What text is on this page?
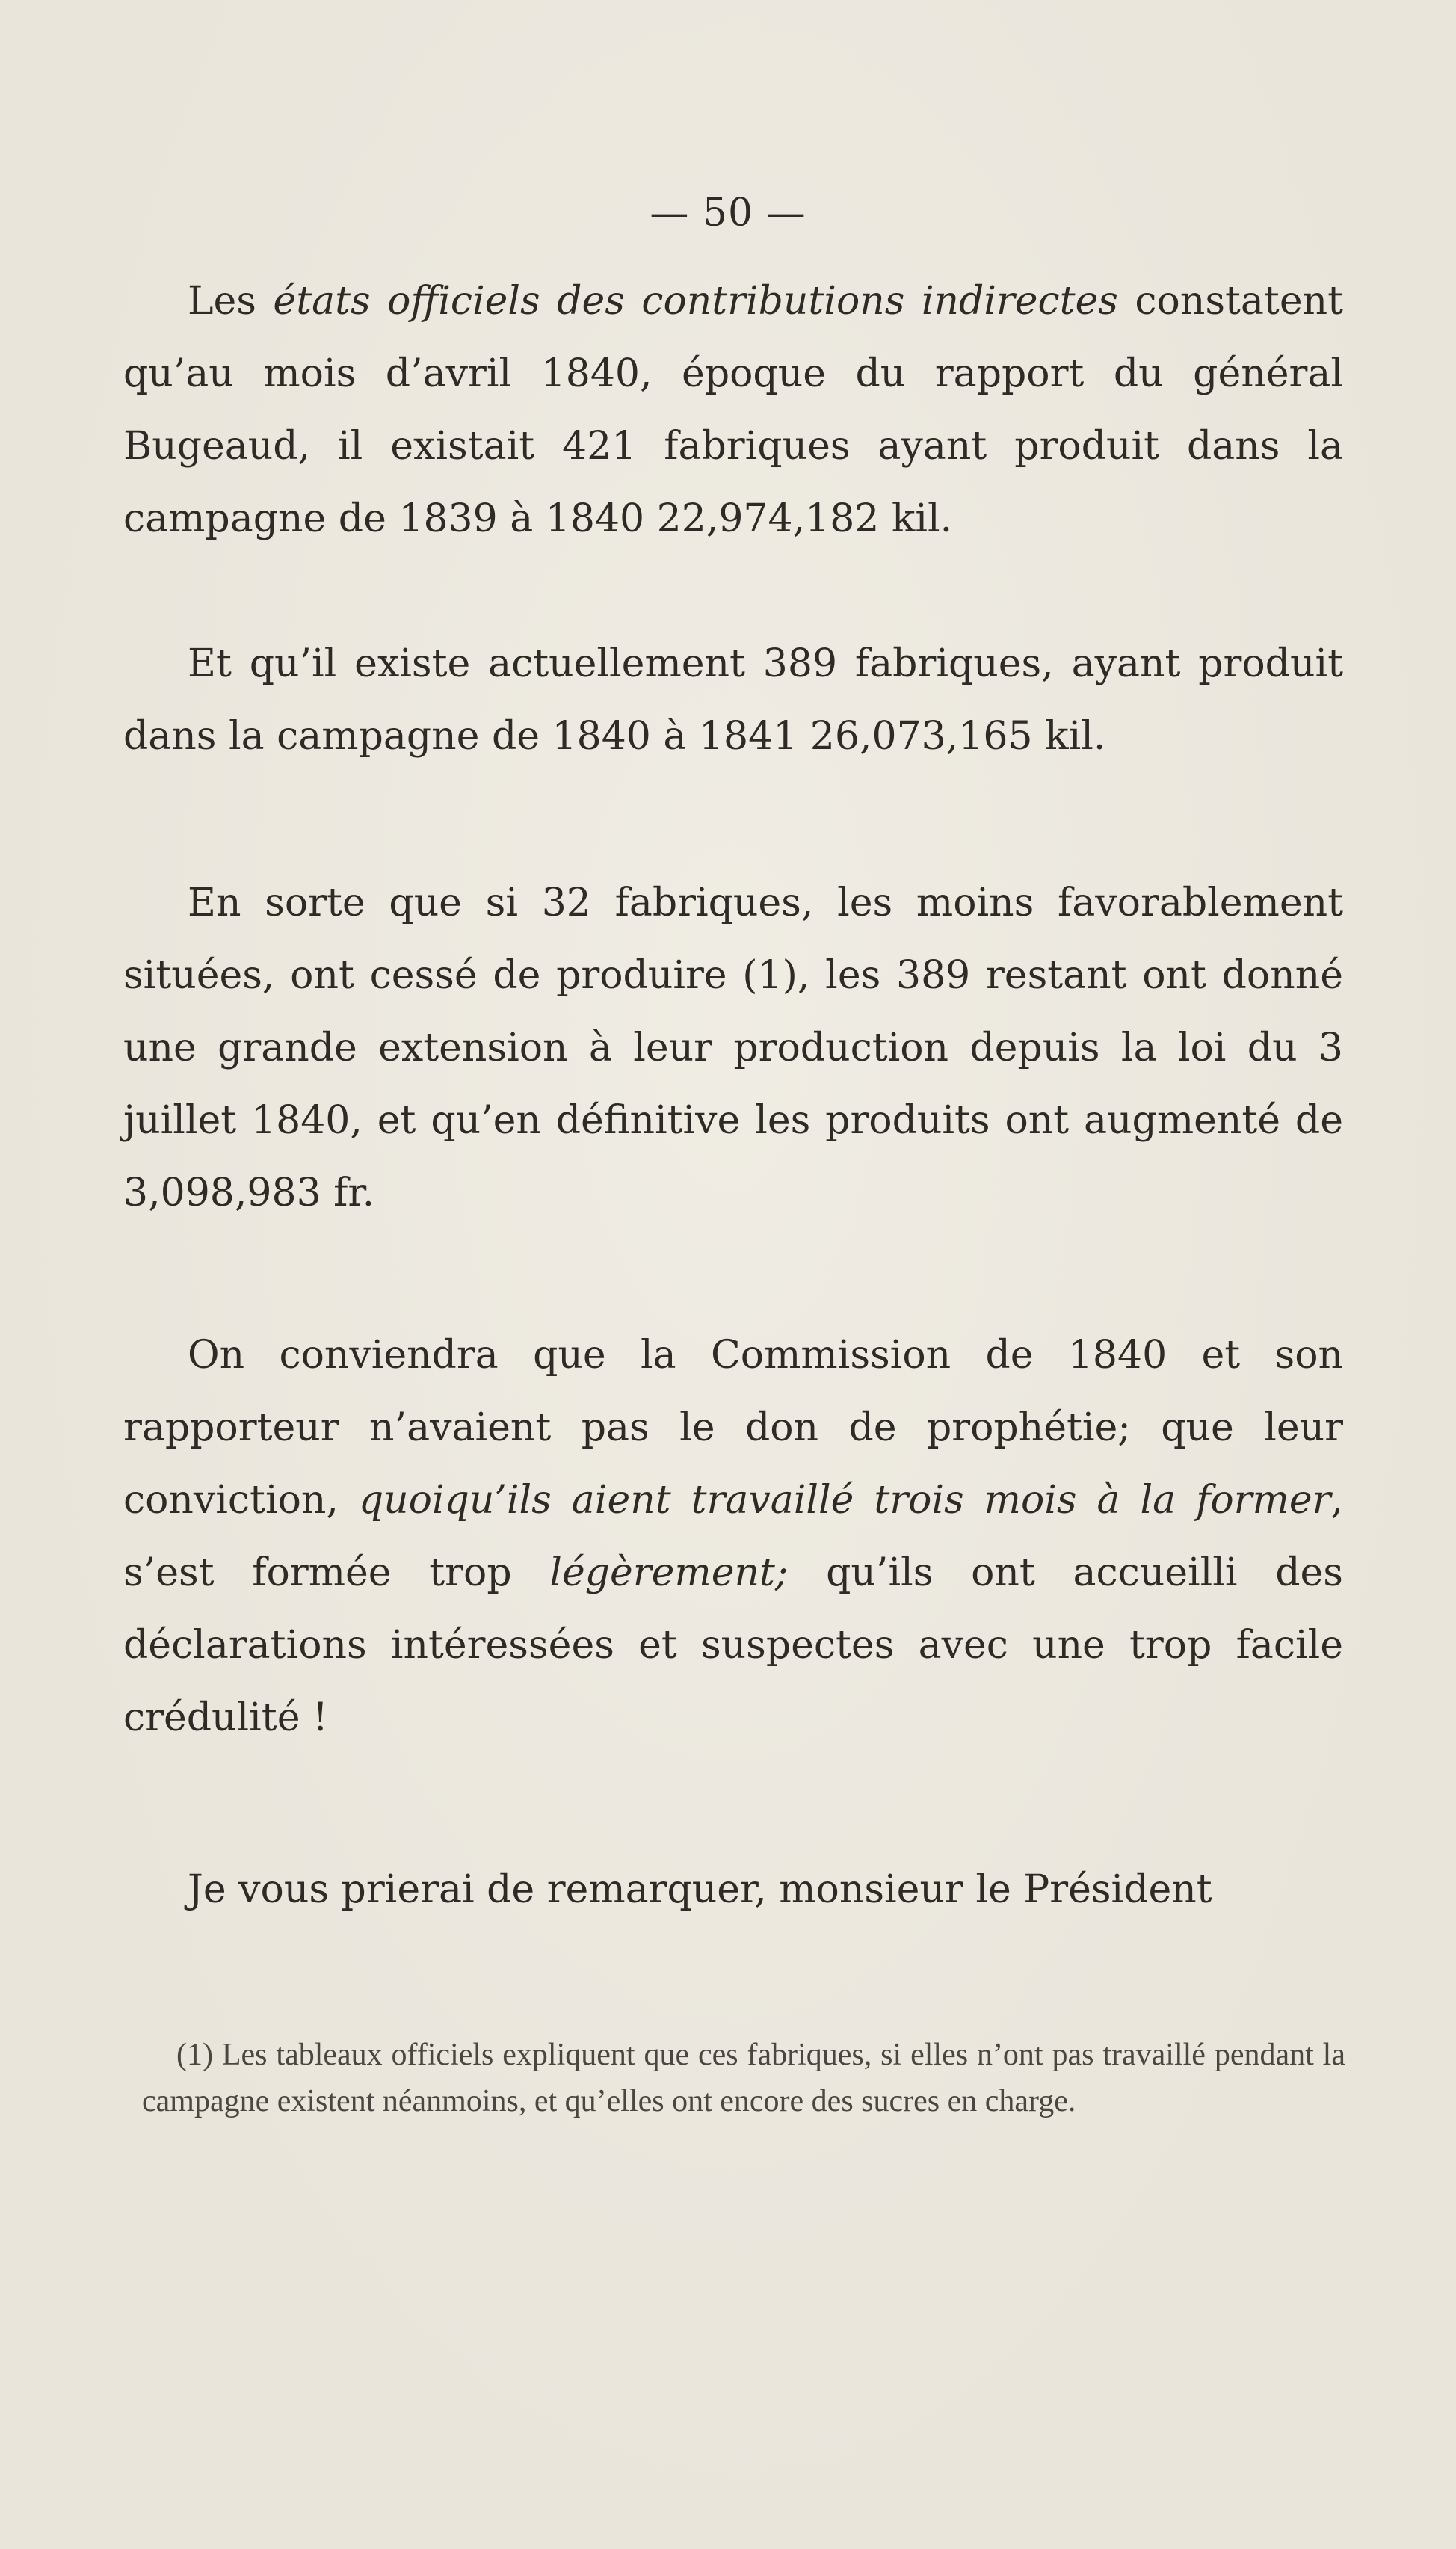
— 50 —

Les états officiels des contributions indirectes constatent qu’au mois d’avril 1840, époque du rapport du général Bugeaud, il existait 421 fabriques ayant produit dans la campagne de 1839 à 1840 22,974,182 kil.

Et qu’il existe actuellement 389 fabriques, ayant produit dans la campagne de 1840 à 1841 26,073,165 kil.

En sorte que si 32 fabriques, les moins favorablement situées, ont cessé de produire (1), les 389 restant ont donné une grande extension à leur production depuis la loi du 3 juillet 1840, et qu’en définitive les produits ont augmenté de 3,098,983 fr.

On conviendra que la Commission de 1840 et son rapporteur n’avaient pas le don de prophétie; que leur conviction, quoiqu’ils aient travaillé trois mois à la former, s’est formée trop légèrement; qu’ils ont accueilli des déclarations intéressées et suspectes avec une trop facile crédulité !

Je vous prierai de remarquer, monsieur le Président

(1) Les tableaux officiels expliquent que ces fabriques, si elles n’ont pas travaillé pendant la campagne existent néanmoins, et qu’elles ont encore des sucres en charge.
